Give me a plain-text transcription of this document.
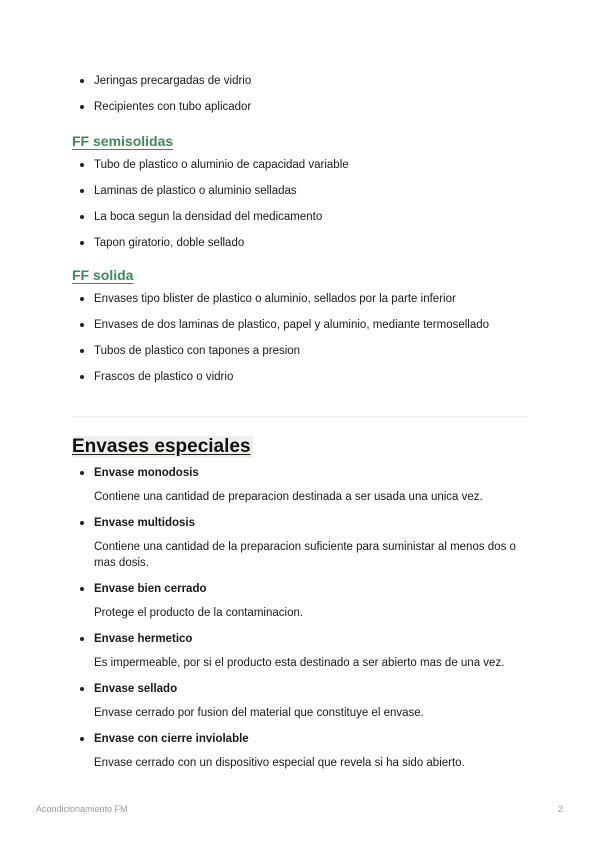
Jeringas precargadas de vidrio
Recipientes con tubo aplicador
FF semisolidas
Tubo de plastico o aluminio de capacidad variable
Laminas de plastico o aluminio selladas
La boca segun la densidad del medicamento
Tapon giratorio, doble sellado
FF solida
Envases tipo blister de plastico o aluminio, sellados por la parte inferior
Envases de dos laminas de plastico, papel y aluminio, mediante termosellado
Tubos de plastico con tapones a presion
Frascos de plastico o vidrio
Envases especiales
Envase monodosis
Contiene una cantidad de preparacion destinada a ser usada una unica vez.
Envase multidosis
Contiene una cantidad de la preparacion suficiente para suministar al menos dos o mas dosis.
Envase bien cerrado
Protege el producto de la contaminacion.
Envase hermetico
Es impermeable, por si el producto esta destinado a ser abierto mas de una vez.
Envase sellado
Envase cerrado por fusion del material que constituye el envase.
Envase con cierre inviolable
Envase cerrado con un dispositivo especial que revela si ha sido abierto.
Acondicionamiento FM	2
